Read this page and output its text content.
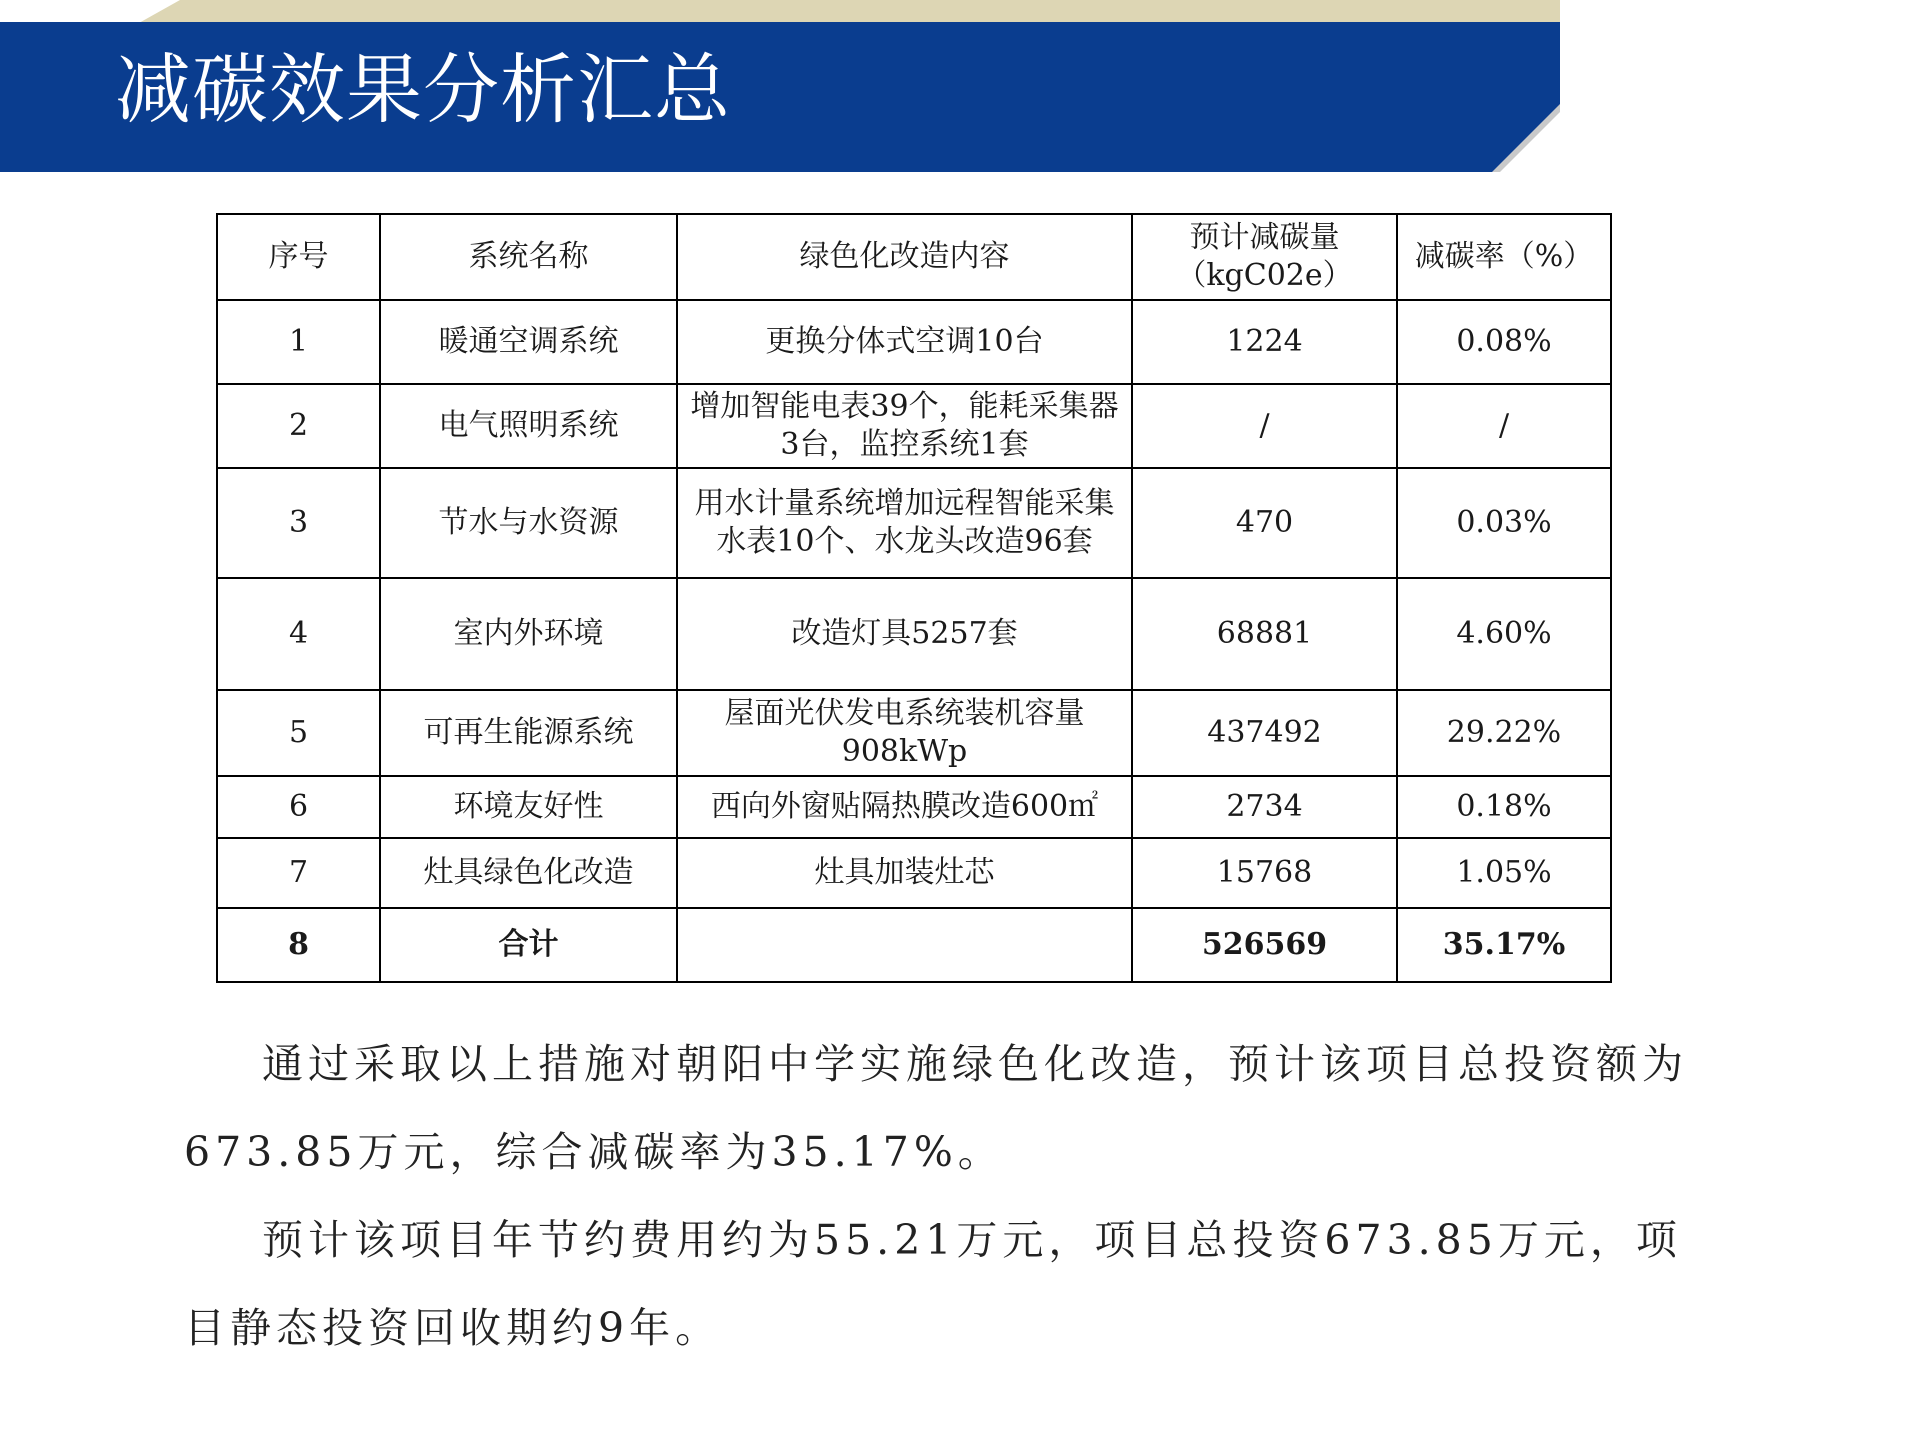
减碳效果分析汇总
序号	系统名称	绿色化改造内容	预计减碳量（kgC02e）	减碳率（%）
1	暖通空调系统	更换分体式空调10台	1224	0.08%
2	电气照明系统	增加智能电表39个，能耗采集器3台，监控系统1套	/	/
3	节水与水资源	用水计量系统增加远程智能采集水表10个、水龙头改造96套	470	0.03%
4	室内外环境	改造灯具5257套	68881	4.60%
5	可再生能源系统	屋面光伏发电系统装机容量908kWp	437492	29.22%
6	环境友好性	西向外窗贴隔热膜改造600㎡	2734	0.18%
7	灶具绿色化改造	灶具加装灶芯	15768	1.05%
8	合计		526569	35.17%

通过采取以上措施对朝阳中学实施绿色化改造，预计该项目总投资额为673.85万元，综合减碳率为35.17%。

预计该项目年节约费用约为55.21万元，项目总投资673.85万元，项目静态投资回收期约9年。
